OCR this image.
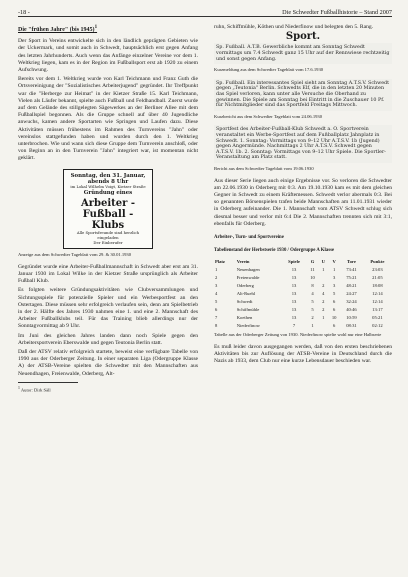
-18 -	Die Schwedter Fußballhistorie – Stand 2007
Die "frühen Jahre" (bis 1945)$^1$

Der Sport in Vereins entwickelte sich in den ländlich geprägten Gebieten wie der Uckermark, und somit auch in Schwedt, hauptsächlich erst gegen Anfang des letzten Jahrhunderts. Auch wenn das Anfänge einzelner Vereine vor dem 1. Weltkrieg liegen, kam es in der Region im Fußballsport erst ab 1920 zu einem Aufschwung.

Bereits vor dem 1. Weltkrieg wurde von Karl Teichmann und Franz Guth die Ortsvereinigung der "Sozialistisches Arbeiterjugend" gegründet. Ihr Treffpunkt war die "Herberge zur Heimat" in der Kietzer Straße 15. Karl Teichmann, Vielen als Läufer bekannt, spielte auch Fußball und Feldhandball. Zuerst wurde auf dem Gelände des stillgelegten Sägewerkes an der Berliner Allee mit dem Fußballspiel begonnen. Als die Gruppe schnell auf über 40 Jugendliche anwuchs, kamen andere Sportarten wie Springen und Laufen dazu. Diese Aktivitäten müssen frühestens im Rahmen des Turnvereins "Jahn" oder vereinslos stattgefunden haben und wurden durch den 1. Weltkrieg unterbrochen. Wie und wann sich diese Gruppe dem Turnverein anschloß, oder von Beginn an in den Turnverein "Jahn" integriert war, ist momentan nicht geklärt.

Sonntag, den 31. Januar,
abends 8 Uhr
im Lokal Wilhelm Voigt, Kietzer Straße
Gründung eines
Arbeiter - Fußball - Klubs
Alle Sportsfreunde sind herzlich eingeladen
Der Einberufer
Anzeige aus dem Schwedter Tageblatt vom 29. & 30.01.1930

Gegründet wurde eine Arbeiter-Fußballmannschaft in Schwedt aber erst am 31. Januar 1930 im Lokal Wilke in der Kietzer Straße ursprünglich als Arbeiter Fußball Klub.

Es folgten weitere Gründungsaktivitäten wie Clubversammlungen und Sichtungsspiele für potenzielle Spieler und ein Werbesportfest an den Ostertagen. Diese müssen sehr erfolgreich verlaufen sein, denn am Spielbetrieb in der 2. Hälfte des Jahres 1930 nahmen eine 1. und eine 2. Mannschaft des Arbeiter Fußballklubs teil. Für das Training blieb allerdings nur der Sonntagvormittag ab 9 Uhr.

Im Juni des gleichen Jahres landen dann noch Spiele gegen den Arbeitersportverein Eberswalde und gegen Teutonia Berlin statt.

Daß der ATSV relativ erfolgreich startete, beweist eine verfügbare Tabelle von 1990 aus der Oderberger Zeitung. In einer separaten Liga (Odergruppe Klasse A) der ATSB-Vereine spielten die Schwedter mit den Mannschaften aus Neuendhagen, Freienwalde, Oderberg, Alt-

$^1$ Autor: Dirk Säll

ruhn, Schiffmühle, Köthen und Niederfinow und belegten den 5. Rang.

Sport.
Sp. Fußball. A.T.B. Gewerbliche kommt am Sonntag Schwedt vormittags um 7.4 Schwedt ganz 15 Uhr auf der Rennwiese rechtzeitig und sonst gegen Anfang.
Kurzmeldung aus dem Schwedter Tageblatt vom 17.6.1930
Sp. Fußball. Ein interessantes Spiel sieht am Sonntag A.T.S.V. Schwedt gegen „Teutonia" Berlin. Schwedts Elf, die in den letzten 20 Minuten das Spiel verloren, kann unter alle Versuche die Oberhand zu gewinnen. Die Spiele am Sonntag bei Eintritt in die Zuschauer 10 Pf. für Nichtmitglieder sind das Sportfeld Freitags Mittwoch.
Kurzbericht aus dem Schwedter Tageblatt vom 24.06.1930
Sportfest des Arbeiter-Fußball-Klub Schwedt a. O. Sportverein veranstaltet ein Werbe-Sportfest auf dem Fußballplatz Jahnplatz in Schwedt. 1. Sonntag: Vormittags von 9–12 Uhr A.T.S.V. 1b (Jugend) gegen Angermünde. Nachmittags 2 Uhr A.T.S.V. Schwedt gegen A.T.S.V. 1b. 2. Sonntag: Vormittags von 9–12 Uhr Spiele. Die Sportler-Veranstaltung am Platz statt.
Bericht aus dem Schwedter Tageblatt vom 19.06.1930

Aus dieser Serie liegen auch einige Ergebnisse vor. So verloren die Schwedter am 22.06.1930 in Oderberg mit 0:3. Am 19.10.1930 kam es mit dem gleichen Gegner in Schwedt zu einem Kräftemessen. Schwedt verlor abermals 0:3. Bei so genannten Börsenspielen trafen beide Mannschaften am 11.01.1931 wieder in Oderberg aufeinander. Die 1. Mannschaft vom ATSV Schwedt schlug sich diesmal besser und verlor mit 6:4 Die 2. Mannschaften trennten sich mit 3:1, ebenfalls für Oderberg.

Arbeiter-, Turn- und Sportvereine
Tabellenstand der Herbstserie 1930 / Odergruppe A Klasse
Platz	Verein	Spiele	G	U	V	Tore	Punkte
1	Neuenhagen	13	11	1	1	73:41	23:03
2	Freienwalde	13	10		3	75:21	21:05
3	Oderberg	13	8	2	3	48:21	18:08
4	Alt-Ruehl	13	4	4	5	24:27	12:14
5	Schwedt	13	5	2	6	32:24	12:14
6	Schiffmühle	13	5	2	6	40:46	13:17
7	Koethen	13	2	1	10	10:59	05:21
8	Niederfinow	7	1		6	08:31	02:12
Tabelle aus der Oderberger Zeitung von 1930. Niederfinow spielte wohl nur eine Halbserie

Es muß leider davon ausgegangen werden, daß von den ersten beschriebenen Aktivitäten bis zur Auflösung der ATSB-Vereine in Deutschland durch die Nazis ab 1933, dem Club nur eine kurze Lebensdauer beschieden war.
